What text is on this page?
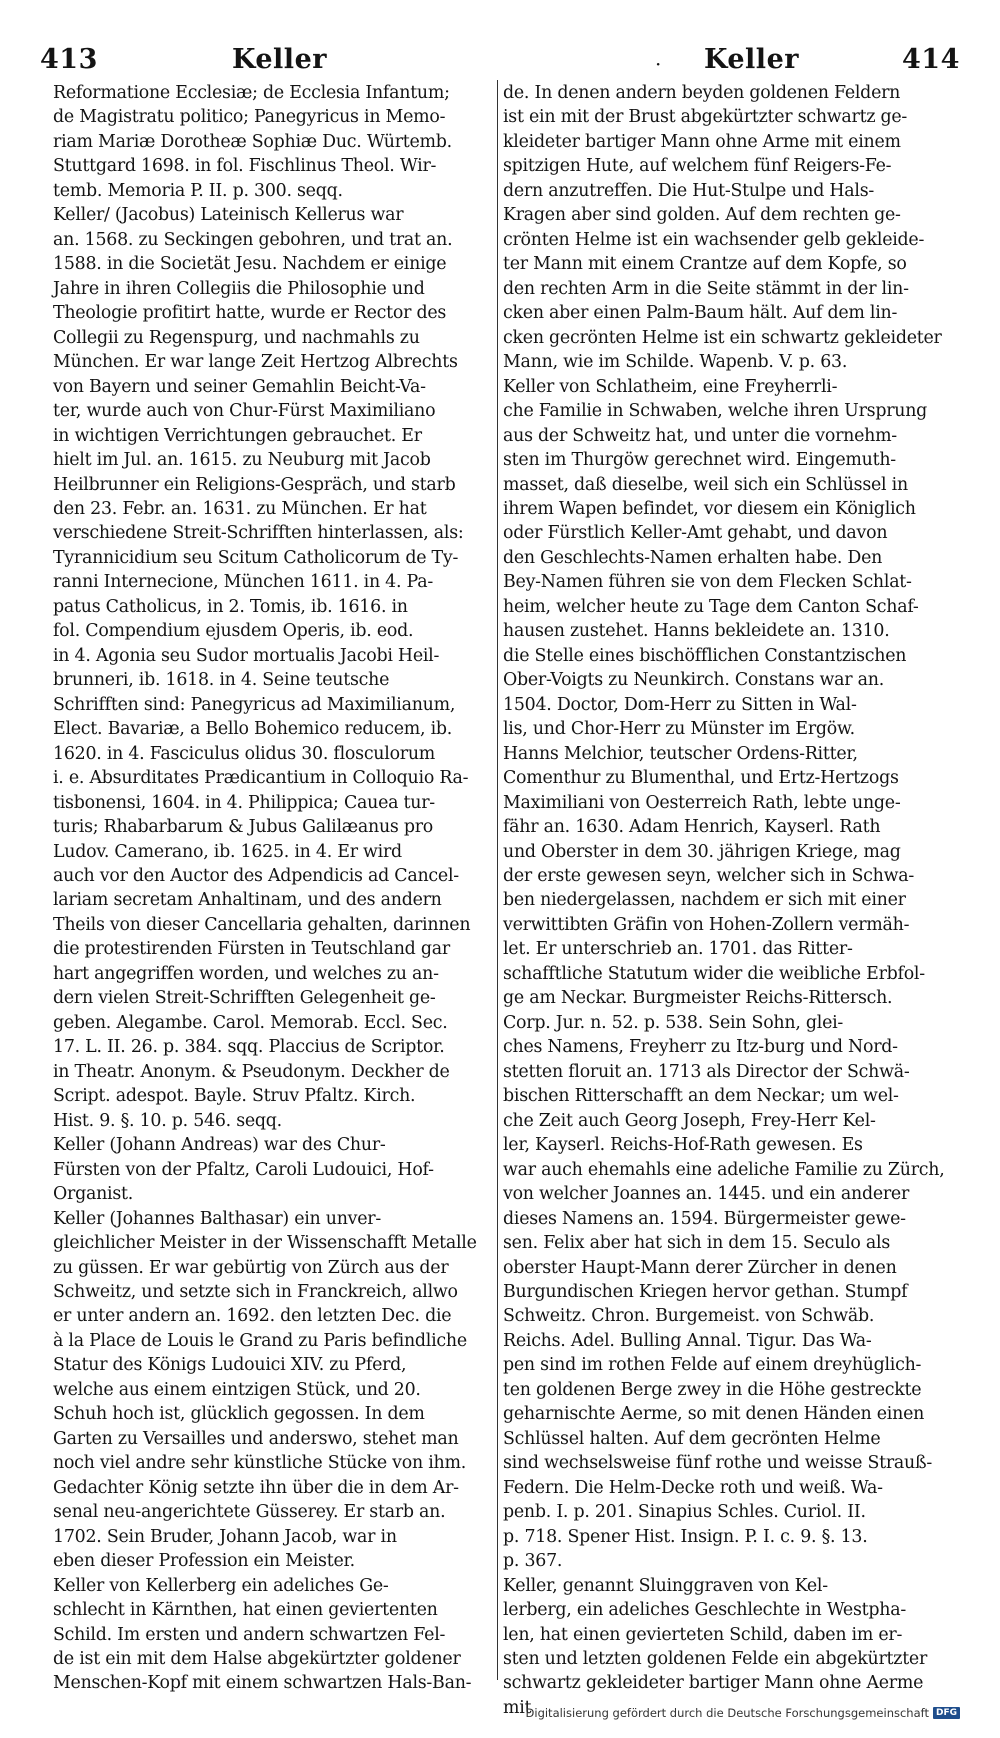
413	Keller	· Keller	414
Reformatione Ecclesiæ; de Ecclesia Infantum;
de Magistratu politico; Panegyricus in Memo-
riam Mariæ Dorotheæ Sophiæ Duc. Würtemb.
Stuttgard 1698. in fol. Fischlinus Theol. Wir-
temb. Memoria P. II. p. 300. seqq.
Keller/ (Jacobus) Lateinisch Kellerus war
an. 1568. zu Seckingen gebohren, und trat an.
1588. in die Societät Jesu. Nachdem er einige
Jahre in ihren Collegiis die Philosophie und
Theologie profitirt hatte, wurde er Rector des
Collegii zu Regenspurg, und nachmahls zu
München. Er war lange Zeit Hertzog Albrechts
von Bayern und seiner Gemahlin Beicht-Va-
ter, wurde auch von Chur-Fürst Maximiliano
in wichtigen Verrichtungen gebrauchet. Er
hielt im Jul. an. 1615. zu Neuburg mit Jacob
Heilbrunner ein Religions-Gespräch, und starb
den 23. Febr. an. 1631. zu München. Er hat
verschiedene Streit-Schrifften hinterlassen, als:
Tyrannicidium seu Scitum Catholicorum de Ty-
ranni Internecione, München 1611. in 4. Pa-
patus Catholicus, in 2. Tomis, ib. 1616. in
fol. Compendium ejusdem Operis, ib. eod.
in 4. Agonia seu Sudor mortualis Jacobi Heil-
brunneri, ib. 1618. in 4. Seine teutsche
Schrifften sind: Panegyricus ad Maximilianum,
Elect. Bavariæ, a Bello Bohemico reducem, ib.
1620. in 4. Fasciculus olidus 30. flosculorum
i. e. Absurditates Prædicantium in Colloquio Ra-
tisbonensi, 1604. in 4. Philippica; Cauea tur-
turis; Rhabarbarum & Jubus Galilæanus pro
Ludov. Camerano, ib. 1625. in 4. Er wird
auch vor den Auctor des Adpendicis ad Cancel-
lariam secretam Anhaltinam, und des andern
Theils von dieser Cancellaria gehalten, darinnen
die protestirenden Fürsten in Teutschland gar
hart angegriffen worden, und welches zu an-
dern vielen Streit-Schrifften Gelegenheit ge-
geben. Alegambe. Carol. Memorab. Eccl. Sec.
17. L. II. 26. p. 384. sqq. Placcius de Scriptor.
in Theatr. Anonym. & Pseudonym. Deckher de
Script. adespot. Bayle. Struv Pfaltz. Kirch.
Hist. 9. §. 10. p. 546. seqq.
Keller (Johann Andreas) war des Chur-
Fürsten von der Pfaltz, Caroli Ludouici, Hof-
Organist.
Keller (Johannes Balthasar) ein unver-
gleichlicher Meister in der Wissenschafft Metalle
zu güssen. Er war gebürtig von Zürch aus der
Schweitz, und setzte sich in Franckreich, allwo
er unter andern an. 1692. den letzten Dec. die
à la Place de Louis le Grand zu Paris befindliche
Statur des Königs Ludouici XIV. zu Pferd,
welche aus einem eintzigen Stück, und 20.
Schuh hoch ist, glücklich gegossen. In dem
Garten zu Versailles und anderswo, stehet man
noch viel andre sehr künstliche Stücke von ihm.
Gedachter König setzte ihn über die in dem Ar-
senal neu-angerichtete Güsserey. Er starb an.
1702. Sein Bruder, Johann Jacob, war in
eben dieser Profession ein Meister.
Keller von Kellerberg ein adeliches Ge-
schlecht in Kärnthen, hat einen geviertenten
Schild. Im ersten und andern schwartzen Fel-
de ist ein mit dem Halse abgekürtzter goldener
Menschen-Kopf mit einem schwartzen Hals-Ban-
de. In denen andern beyden goldenen Feldern
ist ein mit der Brust abgekürtzter schwartz ge-
kleideter bartiger Mann ohne Arme mit einem
spitzigen Hute, auf welchem fünf Reigers-Fe-
dern anzutreffen. Die Hut-Stulpe und Hals-
Kragen aber sind golden. Auf dem rechten ge-
crönten Helme ist ein wachsender gelb gekleide-
ter Mann mit einem Crantze auf dem Kopfe, so
den rechten Arm in die Seite stämmt in der lin-
cken aber einen Palm-Baum hält. Auf dem lin-
cken gecrönten Helme ist ein schwartz gekleideter
Mann, wie im Schilde. Wapenb. V. p. 63.
Keller von Schlatheim, eine Freyherrli-
che Familie in Schwaben, welche ihren Ursprung
aus der Schweitz hat, und unter die vornehm-
sten im Thurgöw gerechnet wird. Eingemuth-
masset, daß dieselbe, weil sich ein Schlüssel in
ihrem Wapen befindet, vor diesem ein Königlich
oder Fürstlich Keller-Amt gehabt, und davon
den Geschlechts-Namen erhalten habe. Den
Bey-Namen führen sie von dem Flecken Schlat-
heim, welcher heute zu Tage dem Canton Schaf-
hausen zustehet. Hanns bekleidete an. 1310.
die Stelle eines bischöfflichen Constantzischen
Ober-Voigts zu Neunkirch. Constans war an.
1504. Doctor, Dom-Herr zu Sitten in Wal-
lis, und Chor-Herr zu Münster im Ergöw.
Hanns Melchior, teutscher Ordens-Ritter,
Comenthur zu Blumenthal, und Ertz-Hertzogs
Maximiliani von Oesterreich Rath, lebte unge-
fähr an. 1630. Adam Henrich, Kayserl. Rath
und Oberster in dem 30. jährigen Kriege, mag
der erste gewesen seyn, welcher sich in Schwa-
ben niedergelassen, nachdem er sich mit einer
verwittibten Gräfin von Hohen-Zollern vermäh-
let. Er unterschrieb an. 1701. das Ritter-
schafftliche Statutum wider die weibliche Erbfol-
ge am Neckar. Burgmeister Reichs-Rittersch.
Corp. Jur. n. 52. p. 538. Sein Sohn, glei-
ches Namens, Freyherr zu Itz-burg und Nord-
stetten floruit an. 1713 als Director der Schwä-
bischen Ritterschafft an dem Neckar; um wel-
che Zeit auch Georg Joseph, Frey-Herr Kel-
ler, Kayserl. Reichs-Hof-Rath gewesen. Es
war auch ehemahls eine adeliche Familie zu Zürch,
von welcher Joannes an. 1445. und ein anderer
dieses Namens an. 1594. Bürgermeister gewe-
sen. Felix aber hat sich in dem 15. Seculo als
oberster Haupt-Mann derer Zürcher in denen
Burgundischen Kriegen hervor gethan. Stumpf
Schweitz. Chron. Burgemeist. von Schwäb.
Reichs. Adel. Bulling Annal. Tigur. Das Wa-
pen sind im rothen Felde auf einem dreyhüglich-
ten goldenen Berge zwey in die Höhe gestreckte
geharnischte Aerme, so mit denen Händen einen
Schlüssel halten. Auf dem gecrönten Helme
sind wechselsweise fünf rothe und weisse Strauß-
Federn. Die Helm-Decke roth und weiß. Wa-
penb. I. p. 201. Sinapius Schles. Curiol. II.
p. 718. Spener Hist. Insign. P. I. c. 9. §. 13.
p. 367.
Keller, genannt Sluinggraven von Kel-
lerberg, ein adeliches Geschlechte in Westpha-
len, hat einen gevierteten Schild, daben im er-
sten und letzten goldenen Felde ein abgekürtzter
schwartz gekleideter bartiger Mann ohne Aerme
mit
Digitalisierung gefördert durch die Deutsche Forschungsgemeinschaft DFG
